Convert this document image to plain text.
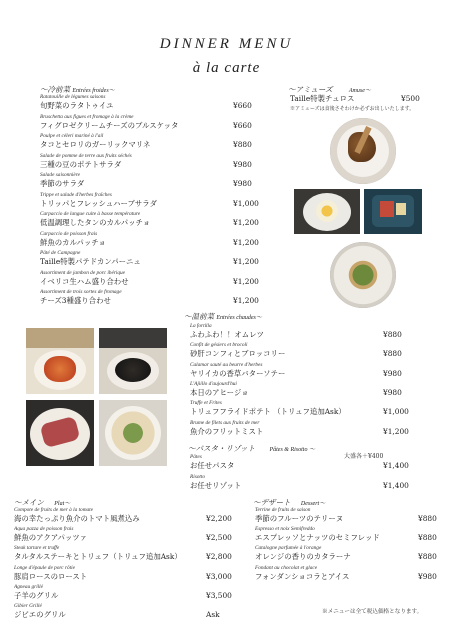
DINNER MENU
à la carte
〜冷前菜 Entrées froides〜
Ratatouille de légumes saisons
旬野菜のラタトゥイユ	¥660
Bruschetta aux figues et fromage à la crème
フィグロゼクリームチーズのブルスケッタ	¥660
Poulpe et céleri mariné à l'ail
タコとセロリのガーリックマリネ	¥880
Salade de pomme de terre aux fruits séchés
三種の豆のポテトサラダ	¥980
Salade saisonnière
季節のサラダ	¥980
Trippe et salade d'herbes fraîches
トリッパとフレッシュハーブサラダ	¥1,000
Carpaccio de langue cuite à basse température
低温調理したタンのカルパッチョ	¥1,200
Carpaccio de poisson frais
鮮魚のカルパッチョ	¥1,200
Pâté de Campagne
Taille特製パテドカンパーニュ	¥1,200
Assortiment de jambon de porc ibérique
イベリコ生ハム盛り合わせ	¥1,200
Assortiment de trois sortes de fromage
チーズ3種盛り合わせ	¥1,200
〜アミューズ	Amuse〜
Taille特製チュロス	¥500
※アミューズは食後さそわけか必ずお出しいたします。
〜温前菜 Entrées chaudes〜
La fortilla
ふわふわ！！オムレツ	¥880
Confit de gésiers et brocoli
砂肝コンフィとブロッコリー	¥880
Calamar sauté au beurre d'herbes
ヤリイカの香草バターソテー	¥980
L'Ajiillo d'aujourd'hui
本日のアヒージョ	¥980
Truffe et Frites
トリュフフライドポテト （トリュフ追加Ask）	¥1,000
Brume de filets aux fruits de mer
魚介のフリットミスト	¥1,200
〜パスタ・リゾット Pâtes & Risotto 〜
大盛各＋¥400
Pâtes
お任せパスタ	¥1,400
Risotto
お任せリゾット	¥1,400
〜メイン Plat〜
Compote de fruits de mer à la tomate
海の幸たっぷり魚介のトマト風煮込み	¥2,200
Aqua pazza de poisson frais
鮮魚のアクアパッツァ	¥2,500
Steak tartare et truffe
タルタルステーキとトリュフ（トリュフ追加Ask）	¥2,800
Longe d'épaule de porc rôtie
豚肩ロースのロースト	¥3,000
Agneau grillé
子羊のグリル	¥3,500
Gibier Grillé
ジビエのグリル	Ask
〜デザート Dessert〜
Terrine de fruits de saison
季節のフルーツのテリーヌ	¥880
Espresso et noix Semifreddo
エスプレッソとナッツのセミフレッド	¥880
Catalogne parfumée à l'orange
オレンジの香りのカタラーナ	¥880
Fondant au chocolat et glace
フォンダンショコラとアイス	¥980
※メニューは全て税込価格となります。
